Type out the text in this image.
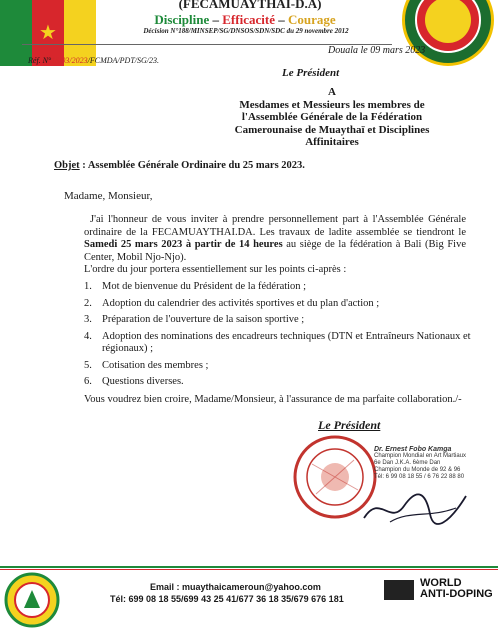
★
(FECAMUAYTHAI-D.A)
Discipline – Efficacité – Courage
Décision N°188/MINSEP/SG/DNSOS/SDN/SDC du 29 novembre 2012
Douala le 09 mars 2023
Réf. N°15/03/2023/FCMDA/PDT/SG/23.
Le Président
A
Mesdames et Messieurs les membres de
l'Assemblée Générale de la Fédération
Camerounaise de Muaythaï et Disciplines
Affinitaires
Objet : Assemblée Générale Ordinaire du 25 mars 2023.
Madame, Monsieur,
J'ai l'honneur de vous inviter à prendre personnellement part à l'Assemblée Générale ordinaire de la FECAMUAYTHAI.DA. Les travaux de ladite assemblée se tiendront le Samedi 25 mars 2023 à partir de 14 heures au siège de la fédération à Bali (Big Five Center, Mobil Njo-Njo).
L'ordre du jour portera essentiellement sur les points ci-après :
1. Mot de bienvenue du Président de la fédération ;
2. Adoption du calendrier des activités sportives et du plan d'action ;
3. Préparation de l'ouverture de la saison sportive ;
4. Adoption des nominations des encadreurs techniques (DTN et Entraîneurs Nationaux et régionaux) ;
5. Cotisation des membres ;
6. Questions diverses.
Vous voudrez bien croire, Madame/Monsieur, à l'assurance de ma parfaite collaboration./-
Le Président
Dr. Ernest Fobo Kamga
Champion Mondial en Art Martiaux
6e Dan J.K.A. 6ème Dan
Champion du Monde de 92 & 96
Tél: 6 99 08 18 55 / 6 76 22 88 80
Email : muaythaicameroun@yahoo.com
Tél: 699 08 18 55/699 43 25 41/677 36 18 35/679 676 181
WORLD
ANTI-DOPING
